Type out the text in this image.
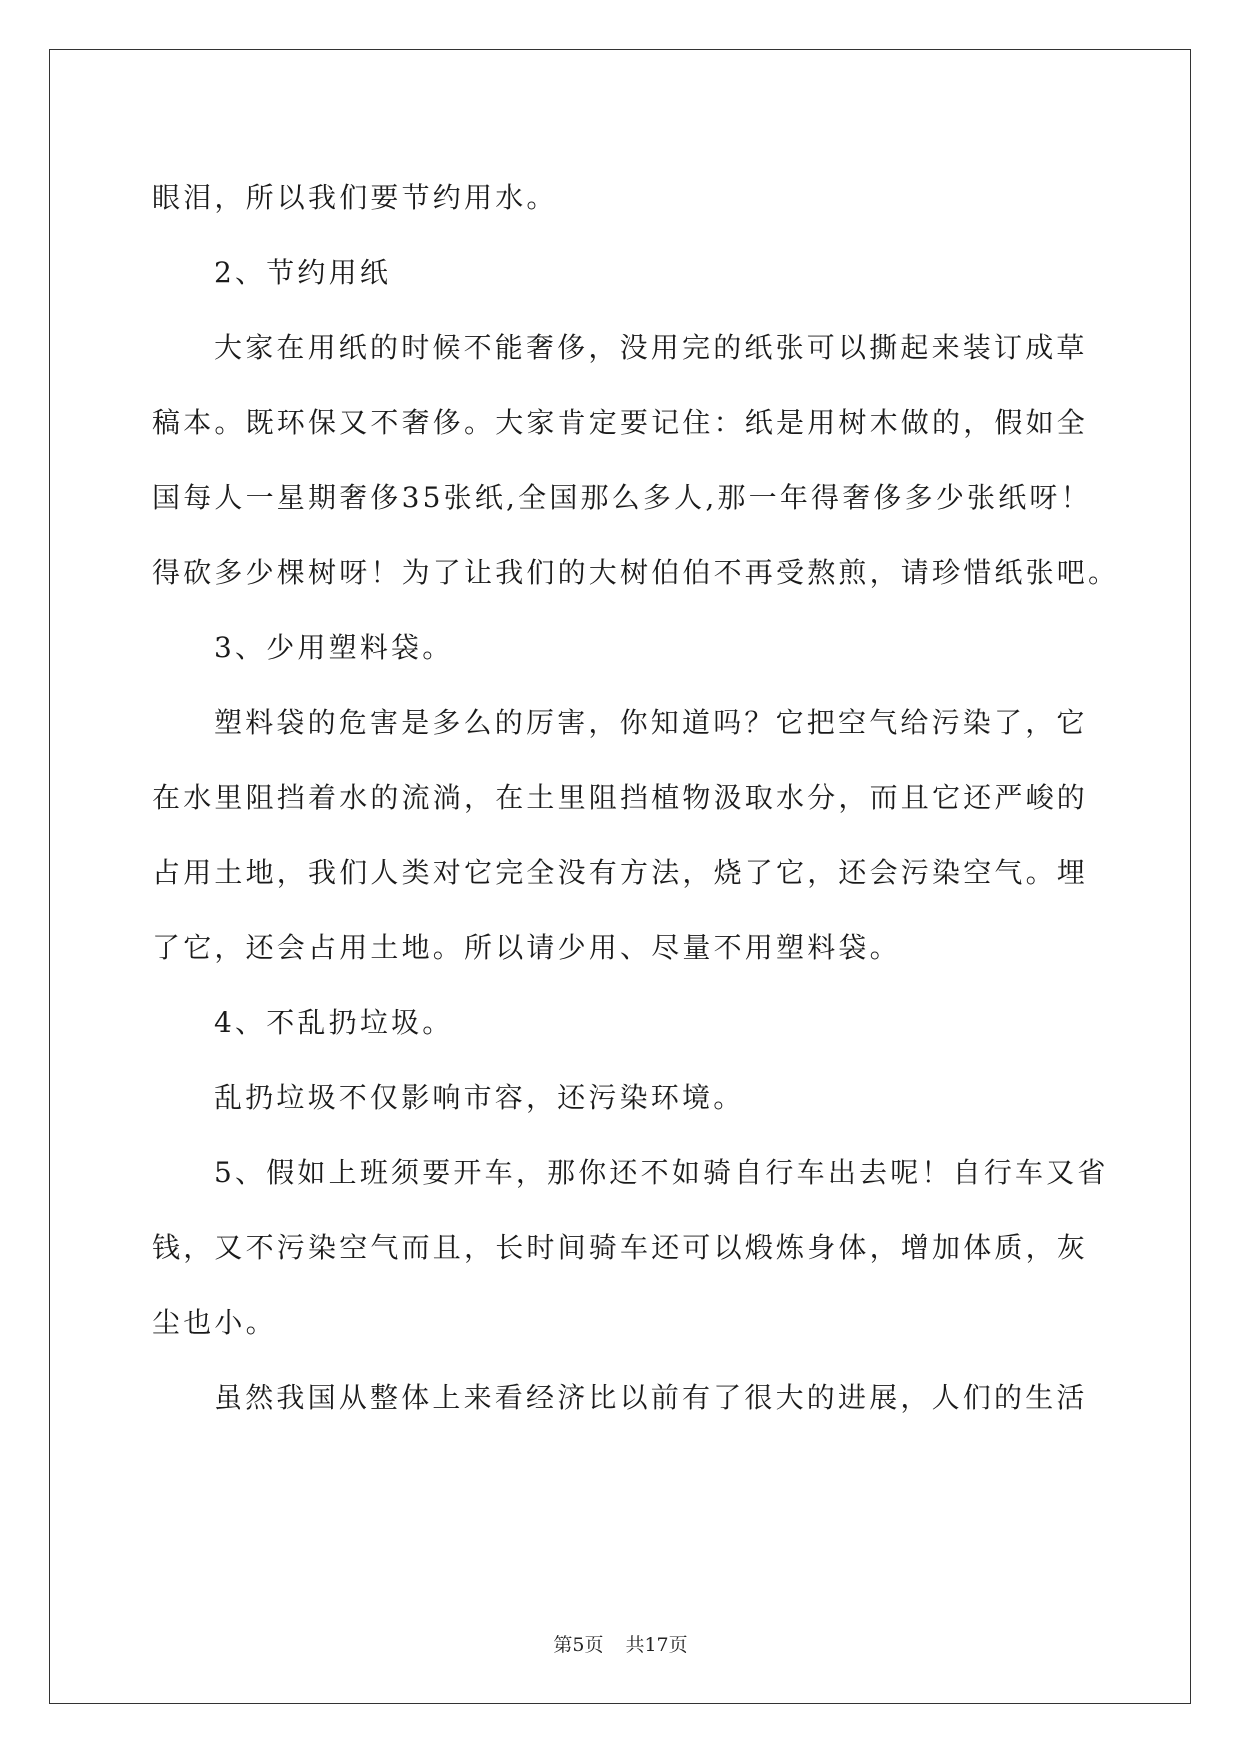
眼泪，所以我们要节约用水。
2、节约用纸
大家在用纸的时候不能奢侈，没用完的纸张可以撕起来装订成草
稿本。既环保又不奢侈。大家肯定要记住：纸是用树木做的，假如全
国每人一星期奢侈35张纸,全国那么多人,那一年得奢侈多少张纸呀！
得砍多少棵树呀！为了让我们的大树伯伯不再受熬煎，请珍惜纸张吧。
3、少用塑料袋。
塑料袋的危害是多么的厉害，你知道吗？它把空气给污染了，它
在水里阻挡着水的流淌，在土里阻挡植物汲取水分，而且它还严峻的
占用土地，我们人类对它完全没有方法，烧了它，还会污染空气。埋
了它，还会占用土地。所以请少用、尽量不用塑料袋。
4、不乱扔垃圾。
乱扔垃圾不仅影响市容，还污染环境。
5、假如上班须要开车，那你还不如骑自行车出去呢！自行车又省
钱，又不污染空气而且，长时间骑车还可以煅炼身体，增加体质，灰
尘也小。
虽然我国从整体上来看经济比以前有了很大的进展，人们的生活
第5页 共17页
